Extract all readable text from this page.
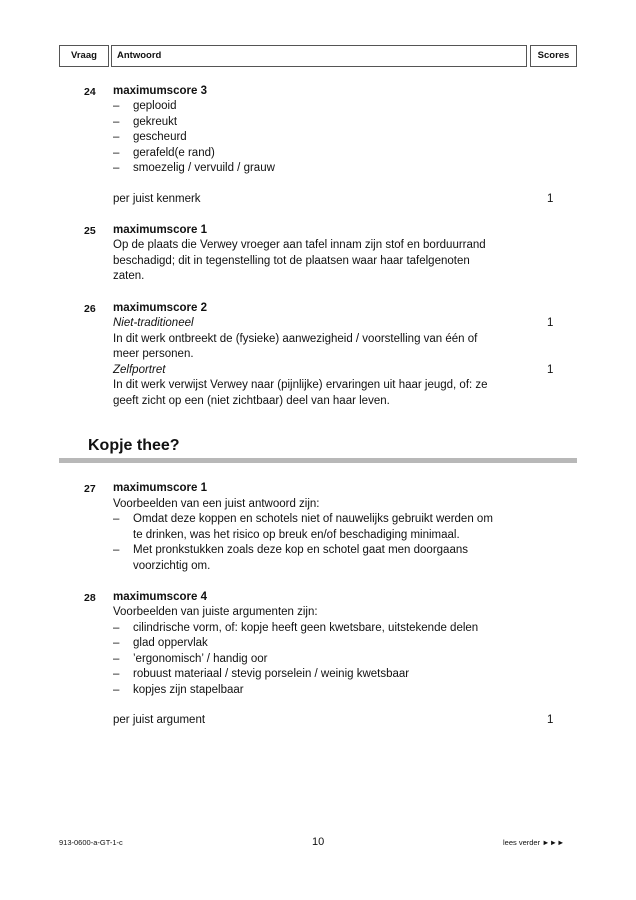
Vraag	Antwoord	Scores
24 maximumscore 3
– geplooid
– gekreukt
– gescheurd
– gerafeld(e rand)
– smoezelig / vervuild / grauw
per juist kenmerk	1
25 maximumscore 1
Op de plaats die Verwey vroeger aan tafel innam zijn stof en borduurrand
beschadigd; dit in tegenstelling tot de plaatsen waar haar tafelgenoten
zaten.
26 maximumscore 2
Niet-traditioneel	1
In dit werk ontbreekt de (fysieke) aanwezigheid / voorstelling van één of
meer personen.
Zelfportret	1
In dit werk verwijst Verwey naar (pijnlijke) ervaringen uit haar jeugd, of: ze
geeft zicht op een (niet zichtbaar) deel van haar leven.
Kopje thee?
27 maximumscore 1
Voorbeelden van een juist antwoord zijn:
– Omdat deze koppen en schotels niet of nauwelijks gebruikt werden om
te drinken, was het risico op breuk en/of beschadiging minimaal.
– Met pronkstukken zoals deze kop en schotel gaat men doorgaans
voorzichtig om.
28 maximumscore 4
Voorbeelden van juiste argumenten zijn:
– cilindrische vorm, of: kopje heeft geen kwetsbare, uitstekende delen
– glad oppervlak
– ’ergonomisch’ / handig oor
– robuust materiaal / stevig porselein / weinig kwetsbaar
– kopjes zijn stapelbaar
per juist argument	1
913-0600-a-GT-1-c	10	lees verder ►►►
